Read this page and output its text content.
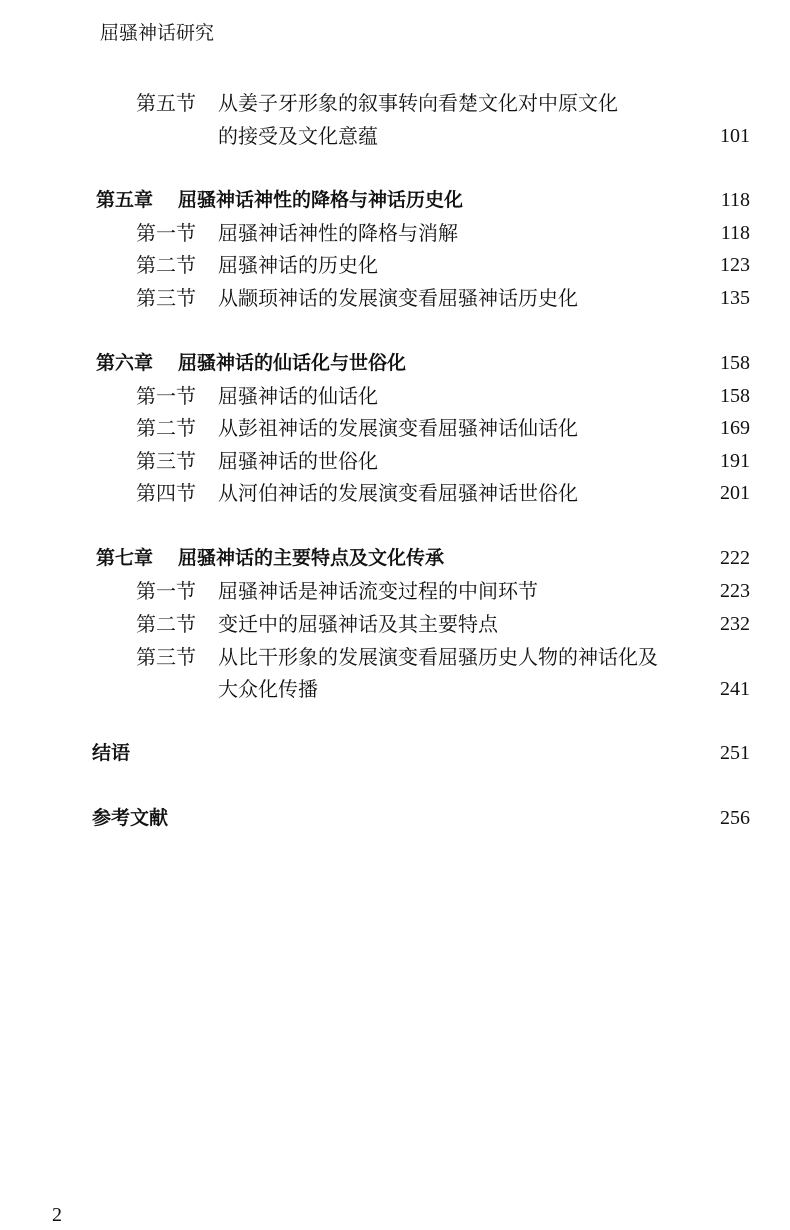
屈骚神话研究
第五节 从姜子牙形象的叙事转向看楚文化对中原文化
的接受及文化意蕴	101
第五章 屈骚神话神性的降格与神话历史化	118
第一节 屈骚神话神性的降格与消解	118
第二节 屈骚神话的历史化	123
第三节 从颛顼神话的发展演变看屈骚神话历史化	135
第六章 屈骚神话的仙话化与世俗化	158
第一节 屈骚神话的仙话化	158
第二节 从彭祖神话的发展演变看屈骚神话仙话化	169
第三节 屈骚神话的世俗化	191
第四节 从河伯神话的发展演变看屈骚神话世俗化	201
第七章 屈骚神话的主要特点及文化传承	222
第一节 屈骚神话是神话流变过程的中间环节	223
第二节 变迁中的屈骚神话及其主要特点	232
第三节 从比干形象的发展演变看屈骚历史人物的神话化及
大众化传播	241
结语	251
参考文献	256
2
